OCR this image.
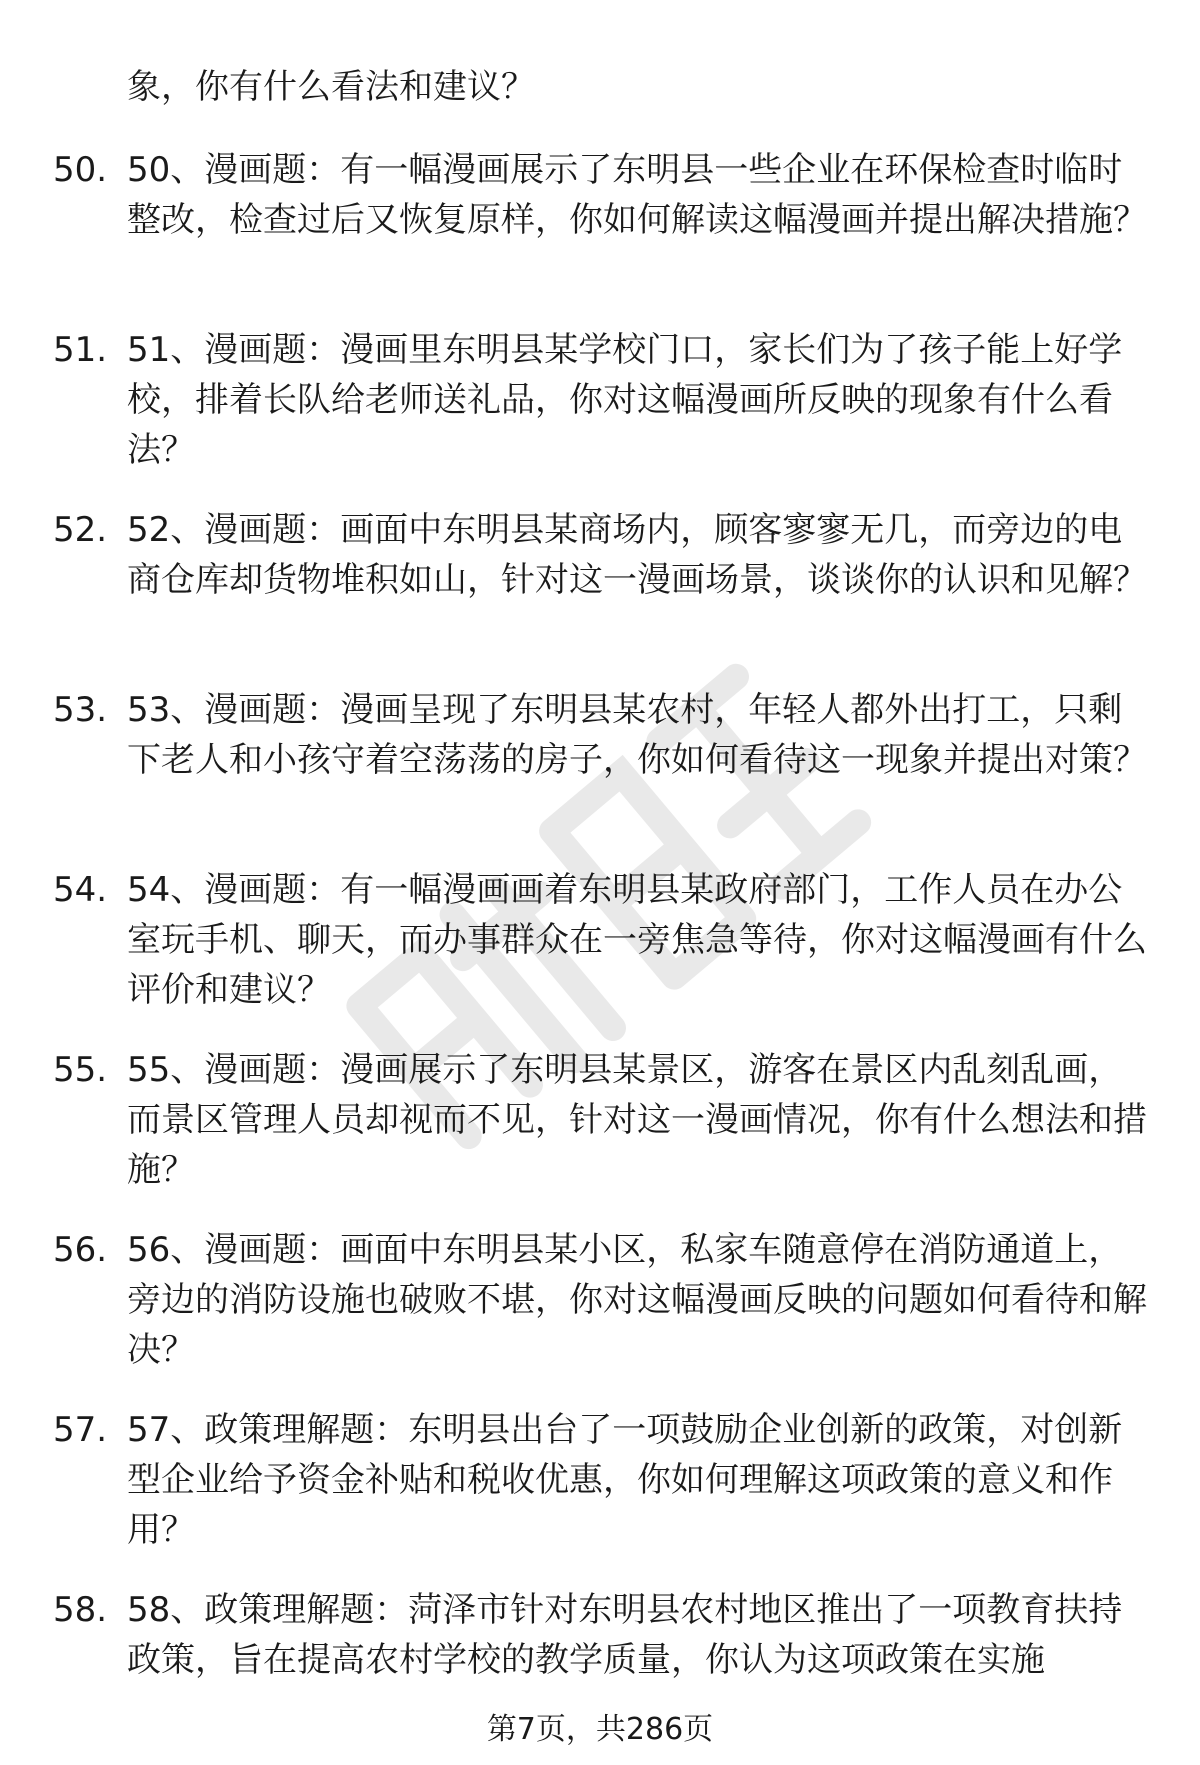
象，你有什么看法和建议？

50. 50、漫画题：有一幅漫画展示了东明县一些企业在环保检查时临时整改，检查过后又恢复原样，你如何解读这幅漫画并提出解决措施？

51. 51、漫画题：漫画里东明县某学校门口，家长们为了孩子能上好学校，排着长队给老师送礼品，你对这幅漫画所反映的现象有什么看法？

52. 52、漫画题：画面中东明县某商场内，顾客寥寥无几，而旁边的电商仓库却货物堆积如山，针对这一漫画场景，谈谈你的认识和见解？

53. 53、漫画题：漫画呈现了东明县某农村，年轻人都外出打工，只剩下老人和小孩守着空荡荡的房子，你如何看待这一现象并提出对策？

54. 54、漫画题：有一幅漫画画着东明县某政府部门，工作人员在办公室玩手机、聊天，而办事群众在一旁焦急等待，你对这幅漫画有什么评价和建议？

55. 55、漫画题：漫画展示了东明县某景区，游客在景区内乱刻乱画，而景区管理人员却视而不见，针对这一漫画情况，你有什么想法和措施？

56. 56、漫画题：画面中东明县某小区，私家车随意停在消防通道上，旁边的消防设施也破败不堪，你对这幅漫画反映的问题如何看待和解决？

57. 57、政策理解题：东明县出台了一项鼓励企业创新的政策，对创新型企业给予资金补贴和税收优惠，你如何理解这项政策的意义和作用？

58. 58、政策理解题：菏泽市针对东明县农村地区推出了一项教育扶持政策，旨在提高农村学校的教学质量，你认为这项政策在实施

第7页，共286页
